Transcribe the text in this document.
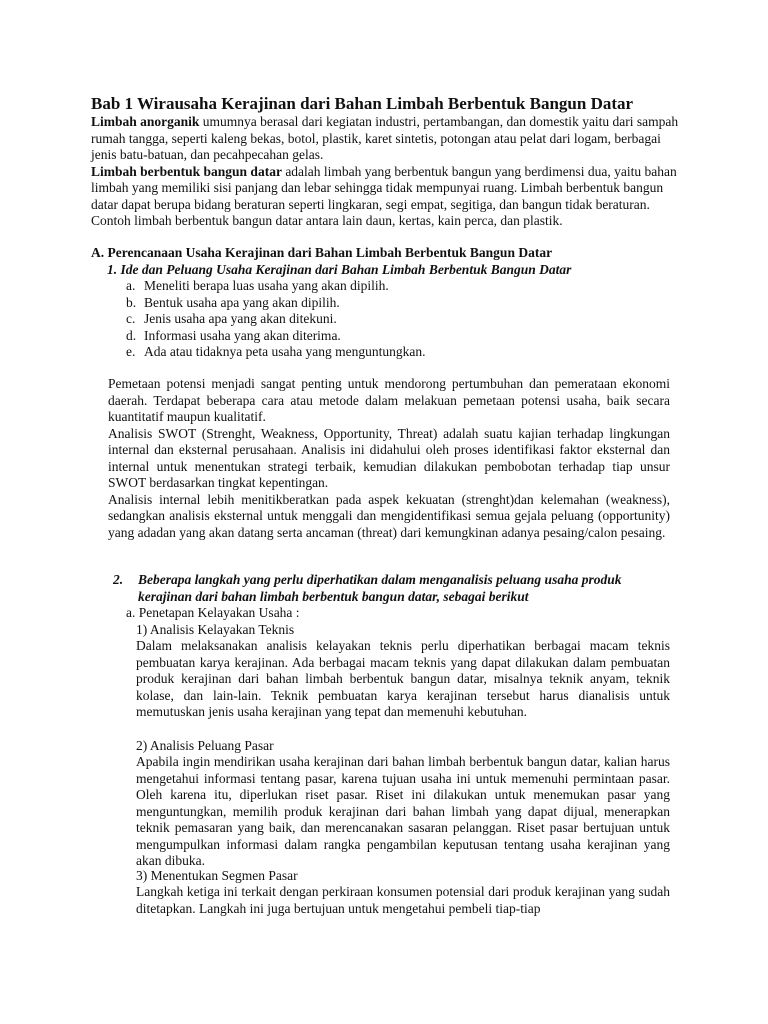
Bab 1 Wirausaha Kerajinan dari Bahan Limbah Berbentuk Bangun Datar

Limbah anorganik umumnya berasal dari kegiatan industri, pertambangan, dan domestik yaitu dari sampah rumah tangga, seperti kaleng bekas, botol, plastik, karet sintetis, potongan atau pelat dari logam, berbagai jenis batu-batuan, dan pecahpecahan gelas.

Limbah berbentuk bangun datar adalah limbah yang berbentuk bangun yang berdimensi dua, yaitu bahan limbah yang memiliki sisi panjang dan lebar sehingga tidak mempunyai ruang. Limbah berbentuk bangun datar dapat berupa bidang beraturan seperti lingkaran, segi empat, segitiga, dan bangun tidak beraturan. Contoh limbah berbentuk bangun datar antara lain daun, kertas, kain perca, dan plastik.

A. Perencanaan Usaha Kerajinan dari Bahan Limbah Berbentuk Bangun Datar
1. Ide dan Peluang Usaha Kerajinan dari Bahan Limbah Berbentuk Bangun Datar
a. Meneliti berapa luas usaha yang akan dipilih.
b. Bentuk usaha apa yang akan dipilih.
c. Jenis usaha apa yang akan ditekuni.
d. Informasi usaha yang akan diterima.
e. Ada atau tidaknya peta usaha yang menguntungkan.

Pemetaan potensi menjadi sangat penting untuk mendorong pertumbuhan dan pemerataan ekonomi daerah. Terdapat beberapa cara atau metode dalam melakuan pemetaan potensi usaha, baik secara kuantitatif maupun kualitatif.

Analisis SWOT (Strenght, Weakness, Opportunity, Threat) adalah suatu kajian terhadap lingkungan internal dan eksternal perusahaan. Analisis ini didahului oleh proses identifikasi faktor eksternal dan internal untuk menentukan strategi terbaik, kemudian dilakukan pembobotan terhadap tiap unsur SWOT berdasarkan tingkat kepentingan.

Analisis internal lebih menitikberatkan pada aspek kekuatan (strenght)dan kelemahan (weakness), sedangkan analisis eksternal untuk menggali dan mengidentifikasi semua gejala peluang (opportunity) yang adadan yang akan datang serta ancaman (threat) dari kemungkinan adanya pesaing/calon pesaing.

2. Beberapa langkah yang perlu diperhatikan dalam menganalisis peluang usaha produk kerajinan dari bahan limbah berbentuk bangun datar, sebagai berikut
a. Penetapan Kelayakan Usaha :
1) Analisis Kelayakan Teknis

Dalam melaksanakan analisis kelayakan teknis perlu diperhatikan berbagai macam teknis pembuatan karya kerajinan. Ada berbagai macam teknis yang dapat dilakukan dalam pembuatan produk kerajinan dari bahan limbah berbentuk bangun datar, misalnya teknik anyam, teknik kolase, dan lain-lain. Teknik pembuatan karya kerajinan tersebut harus dianalisis untuk memutuskan jenis usaha kerajinan yang tepat dan memenuhi kebutuhan.

2) Analisis Peluang Pasar

Apabila ingin mendirikan usaha kerajinan dari bahan limbah berbentuk bangun datar, kalian harus mengetahui informasi tentang pasar, karena tujuan usaha ini untuk memenuhi permintaan pasar. Oleh karena itu, diperlukan riset pasar. Riset ini dilakukan untuk menemukan pasar yang menguntungkan, memilih produk kerajinan dari bahan limbah yang dapat dijual, menerapkan teknik pemasaran yang baik, dan merencanakan sasaran pelanggan. Riset pasar bertujuan untuk mengumpulkan informasi dalam rangka pengambilan keputusan tentang usaha kerajinan yang akan dibuka.

3) Menentukan Segmen Pasar

Langkah ketiga ini terkait dengan perkiraan konsumen potensial dari produk kerajinan yang sudah ditetapkan. Langkah ini juga bertujuan untuk mengetahui pembeli tiap-tiap
